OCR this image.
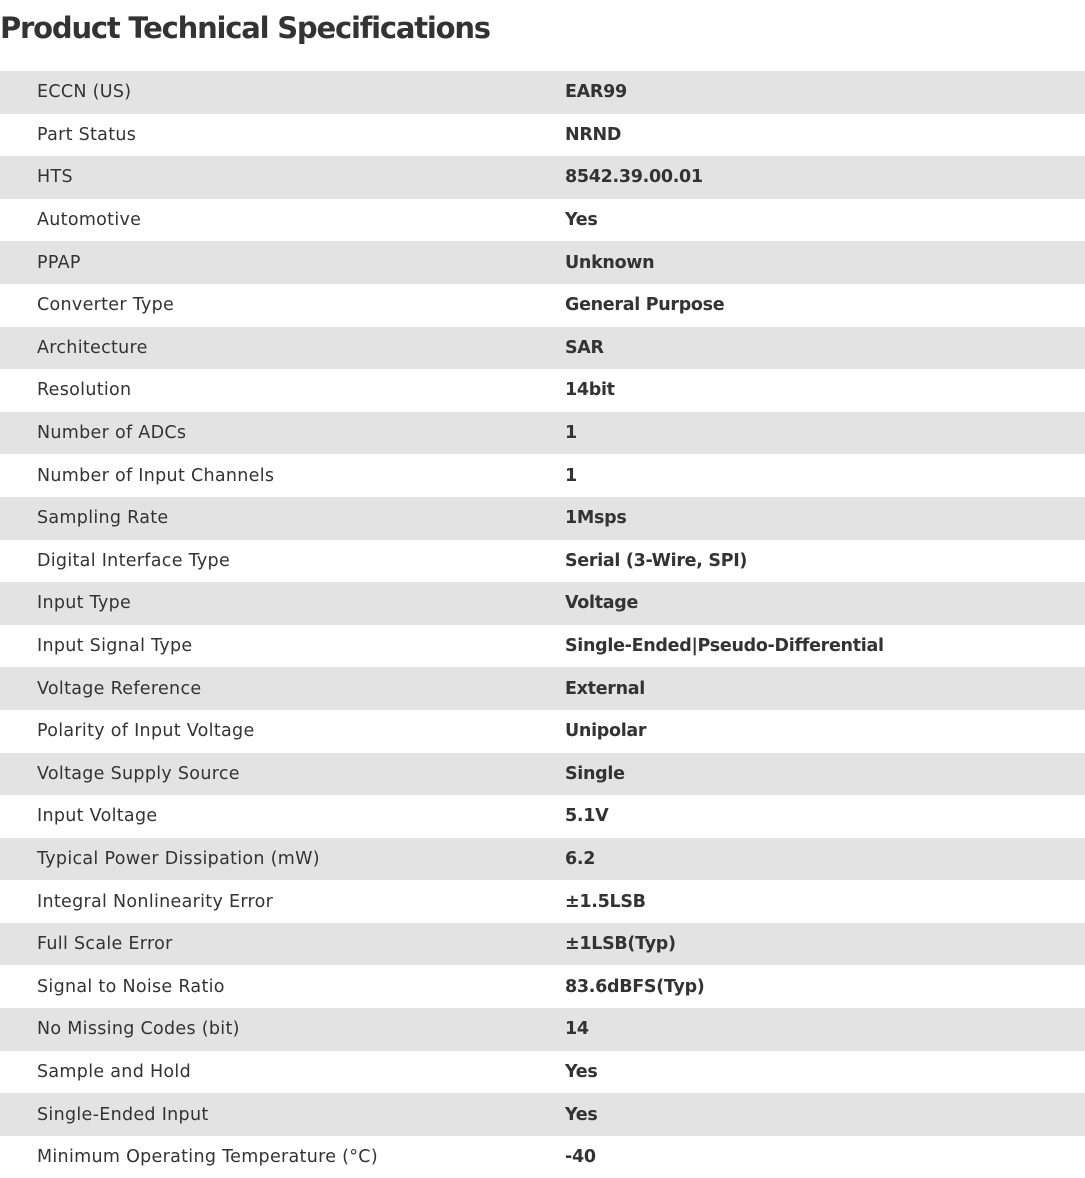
Product Technical Specifications
ECCN (US)	EAR99
Part Status	NRND
HTS	8542.39.00.01
Automotive	Yes
PPAP	Unknown
Converter Type	General Purpose
Architecture	SAR
Resolution	14bit
Number of ADCs	1
Number of Input Channels	1
Sampling Rate	1Msps
Digital Interface Type	Serial (3-Wire, SPI)
Input Type	Voltage
Input Signal Type	Single-Ended|Pseudo-Differential
Voltage Reference	External
Polarity of Input Voltage	Unipolar
Voltage Supply Source	Single
Input Voltage	5.1V
Typical Power Dissipation (mW)	6.2
Integral Nonlinearity Error	±1.5LSB
Full Scale Error	±1LSB(Typ)
Signal to Noise Ratio	83.6dBFS(Typ)
No Missing Codes (bit)	14
Sample and Hold	Yes
Single-Ended Input	Yes
Minimum Operating Temperature (°C)	-40
